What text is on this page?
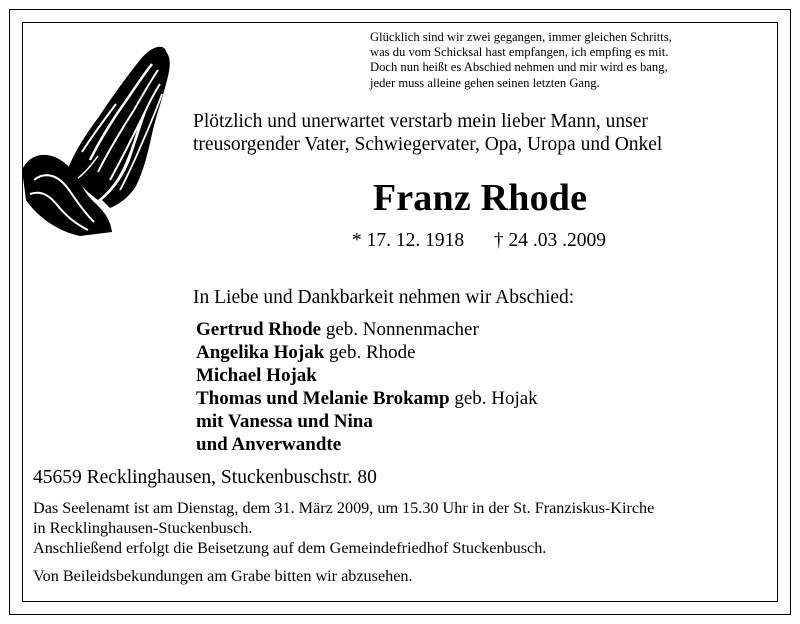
Glücklich sind wir zwei gegangen, immer gleichen Schritts,
was du vom Schicksal hast empfangen, ich empfing es mit.
Doch nun heißt es Abschied nehmen und mir wird es bang,
jeder muss alleine gehen seinen letzten Gang.
Plötzlich und unerwartet verstarb mein lieber Mann, unser
treusorgender Vater, Schwiegervater, Opa, Uropa und Onkel
Franz Rhode
* 17. 12. 1918 † 24 .03 .2009
In Liebe und Dankbarkeit nehmen wir Abschied:
Gertrud Rhode geb. Nonnenmacher
Angelika Hojak geb. Rhode
Michael Hojak
Thomas und Melanie Brokamp geb. Hojak
mit Vanessa und Nina
und Anverwandte
45659 Recklinghausen, Stuckenbuschstr. 80
Das Seelenamt ist am Dienstag, dem 31. März 2009, um 15.30 Uhr in der St. Franziskus-Kirche
in Recklinghausen-Stuckenbusch.
Anschließend erfolgt die Beisetzung auf dem Gemeindefriedhof Stuckenbusch.
Von Beileidsbekundungen am Grabe bitten wir abzusehen.
